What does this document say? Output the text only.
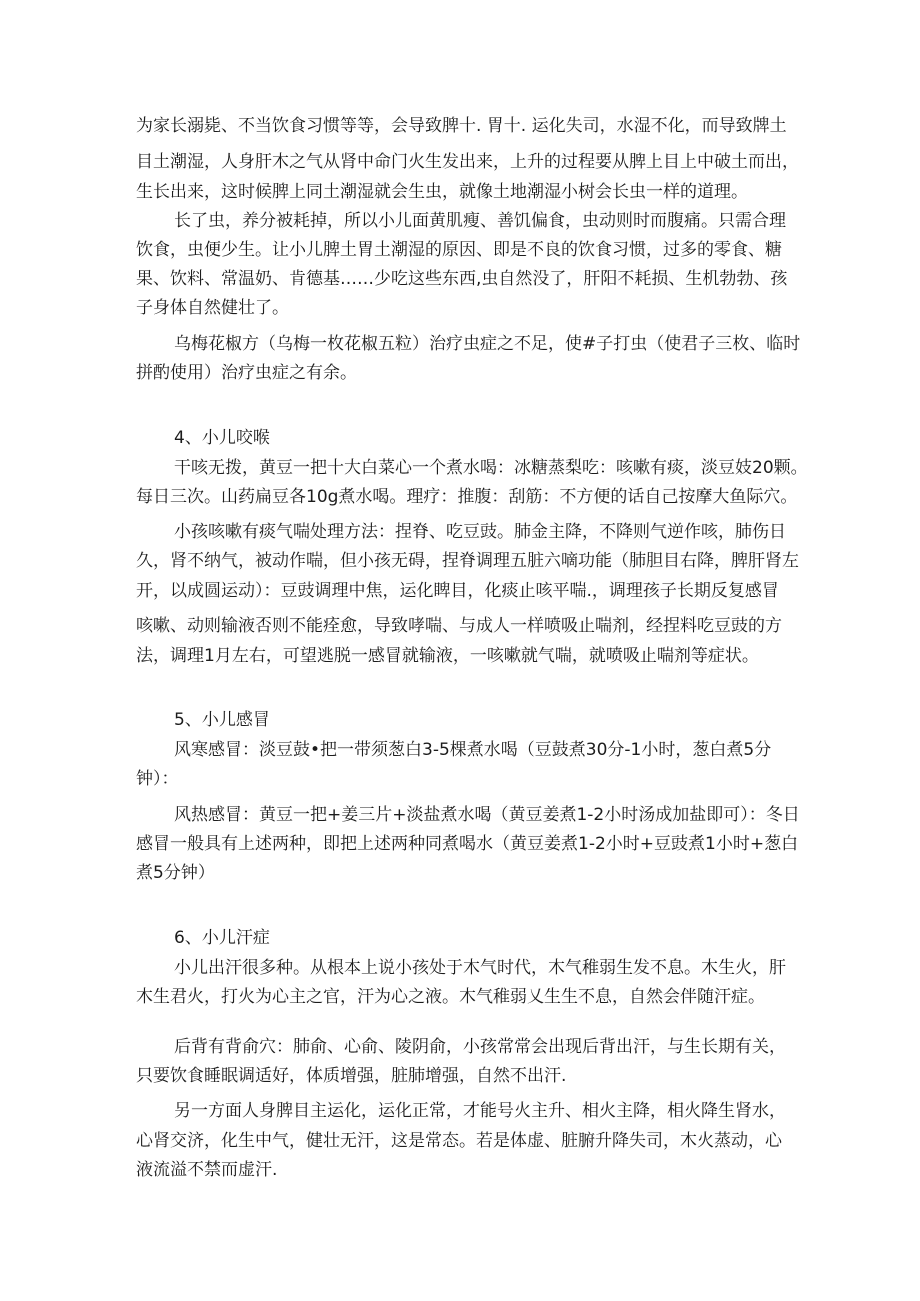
为家长溺毙、不当饮食习惯等等，会导致脾十. 胃十. 运化失司，水湿不化，而导致牌土

目土潮湿，人身肝木之气从肾中命门火生发出来，上升的过程要从脾上目上中破土而出，

生长出来，这时候脾上同土潮湿就会生虫，就像土地潮湿小树会长虫一样的道理。

长了虫，养分被耗掉，所以小儿面黄肌瘦、善饥偏食，虫动则时而腹痛。只需合理

饮食，虫便少生。让小儿脾土胃土潮湿的原因、即是不良的饮食习惯，过多的零食、糖

果、饮料、常温奶、肯德基……少吃这些东西,虫自然没了，肝阳不耗损、生机勃勃、孩

子身体自然健壮了。

乌梅花椒方（乌梅一枚花椒五粒）治疗虫症之不足，使#子打虫（使君子三枚、临时

拼酌使用）治疗虫症之有余。

4、小儿咬喉

干咳无拨，黄豆一把十大白菜心一个煮水喝：冰糖蒸梨吃：咳嗽有痰，淡豆妓20颗。

每日三次。山药扁豆各10g煮水喝。理疗：推腹：刮筋：不方便的话自己按摩大鱼际穴。

小孩咳嗽有痰气喘处理方法：捏脊、吃豆豉。肺金主降，不降则气逆作咳，肺伤日

久，肾不纳气，被动作喘，但小孩无碍，捏脊调理五脏六嘀功能（肺胆目右降，脾肝肾左

开，以成圆运动）：豆豉调理中焦，运化睥目，化痰止咳平喘.，调理孩子长期反复感冒

咳嗽、动则输液否则不能痊愈，导致哮喘、与成人一样喷吸止喘剂，经捏料吃豆豉的方

法，调理1月左右，可望逃脱一感冒就输液，一咳嗽就气喘，就喷吸止喘剂等症状。

5、小儿感冒

风寒感冒：淡豆鼓•把一带须葱白3-5棵煮水喝（豆鼓煮30分-1小时，葱白煮5分

钟）：

风热感冒：黄豆一把+姜三片+淡盐煮水喝（黄豆姜煮1-2小时汤成加盐即可）：冬日

感冒一般具有上述两种，即把上述两种同煮喝水（黄豆姜煮1-2小时+豆豉煮1小时+葱白

煮5分钟）

6、小儿汗症

小儿出汗很多种。从根本上说小孩处于木气时代，木气稚弱生发不息。木生火，肝

木生君火，打火为心主之官，汗为心之液。木气稚弱乂生生不息，自然会伴随汗症。

后背有背俞穴：肺俞、心俞、陵阴俞，小孩常常会出现后背出汗，与生长期有关，

只要饮食睡眠调适好，体质增强，脏肺增强，自然不出汗.

另一方面人身脾目主运化，运化正常，才能号火主升、相火主降，相火降生肾水，

心肾交济，化生中气，健壮无汗，这是常态。若是体虚、脏腑升降失司，木火蒸动，心

液流溢不禁而虚汗.
